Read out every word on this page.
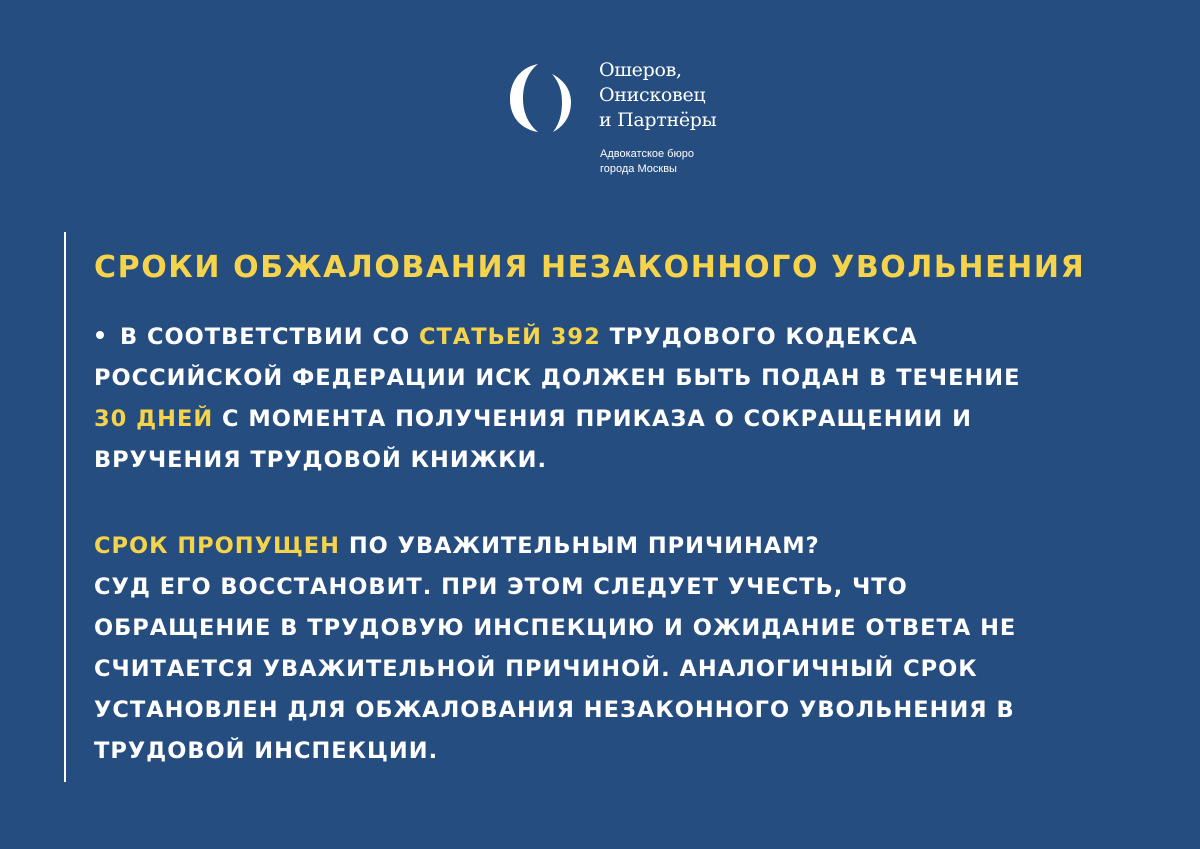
Ошеров,
Онисковец
и Партнёры
Адвокатское бюро
города Москвы
СРОКИ ОБЖАЛОВАНИЯ НЕЗАКОННОГО УВОЛЬНЕНИЯ
В СООТВЕТСТВИИ СО СТАТЬЕЙ 392 ТРУДОВОГО КОДЕКСА
РОССИЙСКОЙ ФЕДЕРАЦИИ ИСК ДОЛЖЕН БЫТЬ ПОДАН В ТЕЧЕНИЕ
30 ДНЕЙ С МОМЕНТА ПОЛУЧЕНИЯ ПРИКАЗА О СОКРАЩЕНИИ И
ВРУЧЕНИЯ ТРУДОВОЙ КНИЖКИ.
СРОК ПРОПУЩЕН ПО УВАЖИТЕЛЬНЫМ ПРИЧИНАМ?
СУД ЕГО ВОССТАНОВИТ. ПРИ ЭТОМ СЛЕДУЕТ УЧЕСТЬ, ЧТО
ОБРАЩЕНИЕ В ТРУДОВУЮ ИНСПЕКЦИЮ И ОЖИДАНИЕ ОТВЕТА НЕ
СЧИТАЕТСЯ УВАЖИТЕЛЬНОЙ ПРИЧИНОЙ. АНАЛОГИЧНЫЙ СРОК
УСТАНОВЛЕН ДЛЯ ОБЖАЛОВАНИЯ НЕЗАКОННОГО УВОЛЬНЕНИЯ В
ТРУДОВОЙ ИНСПЕКЦИИ.
